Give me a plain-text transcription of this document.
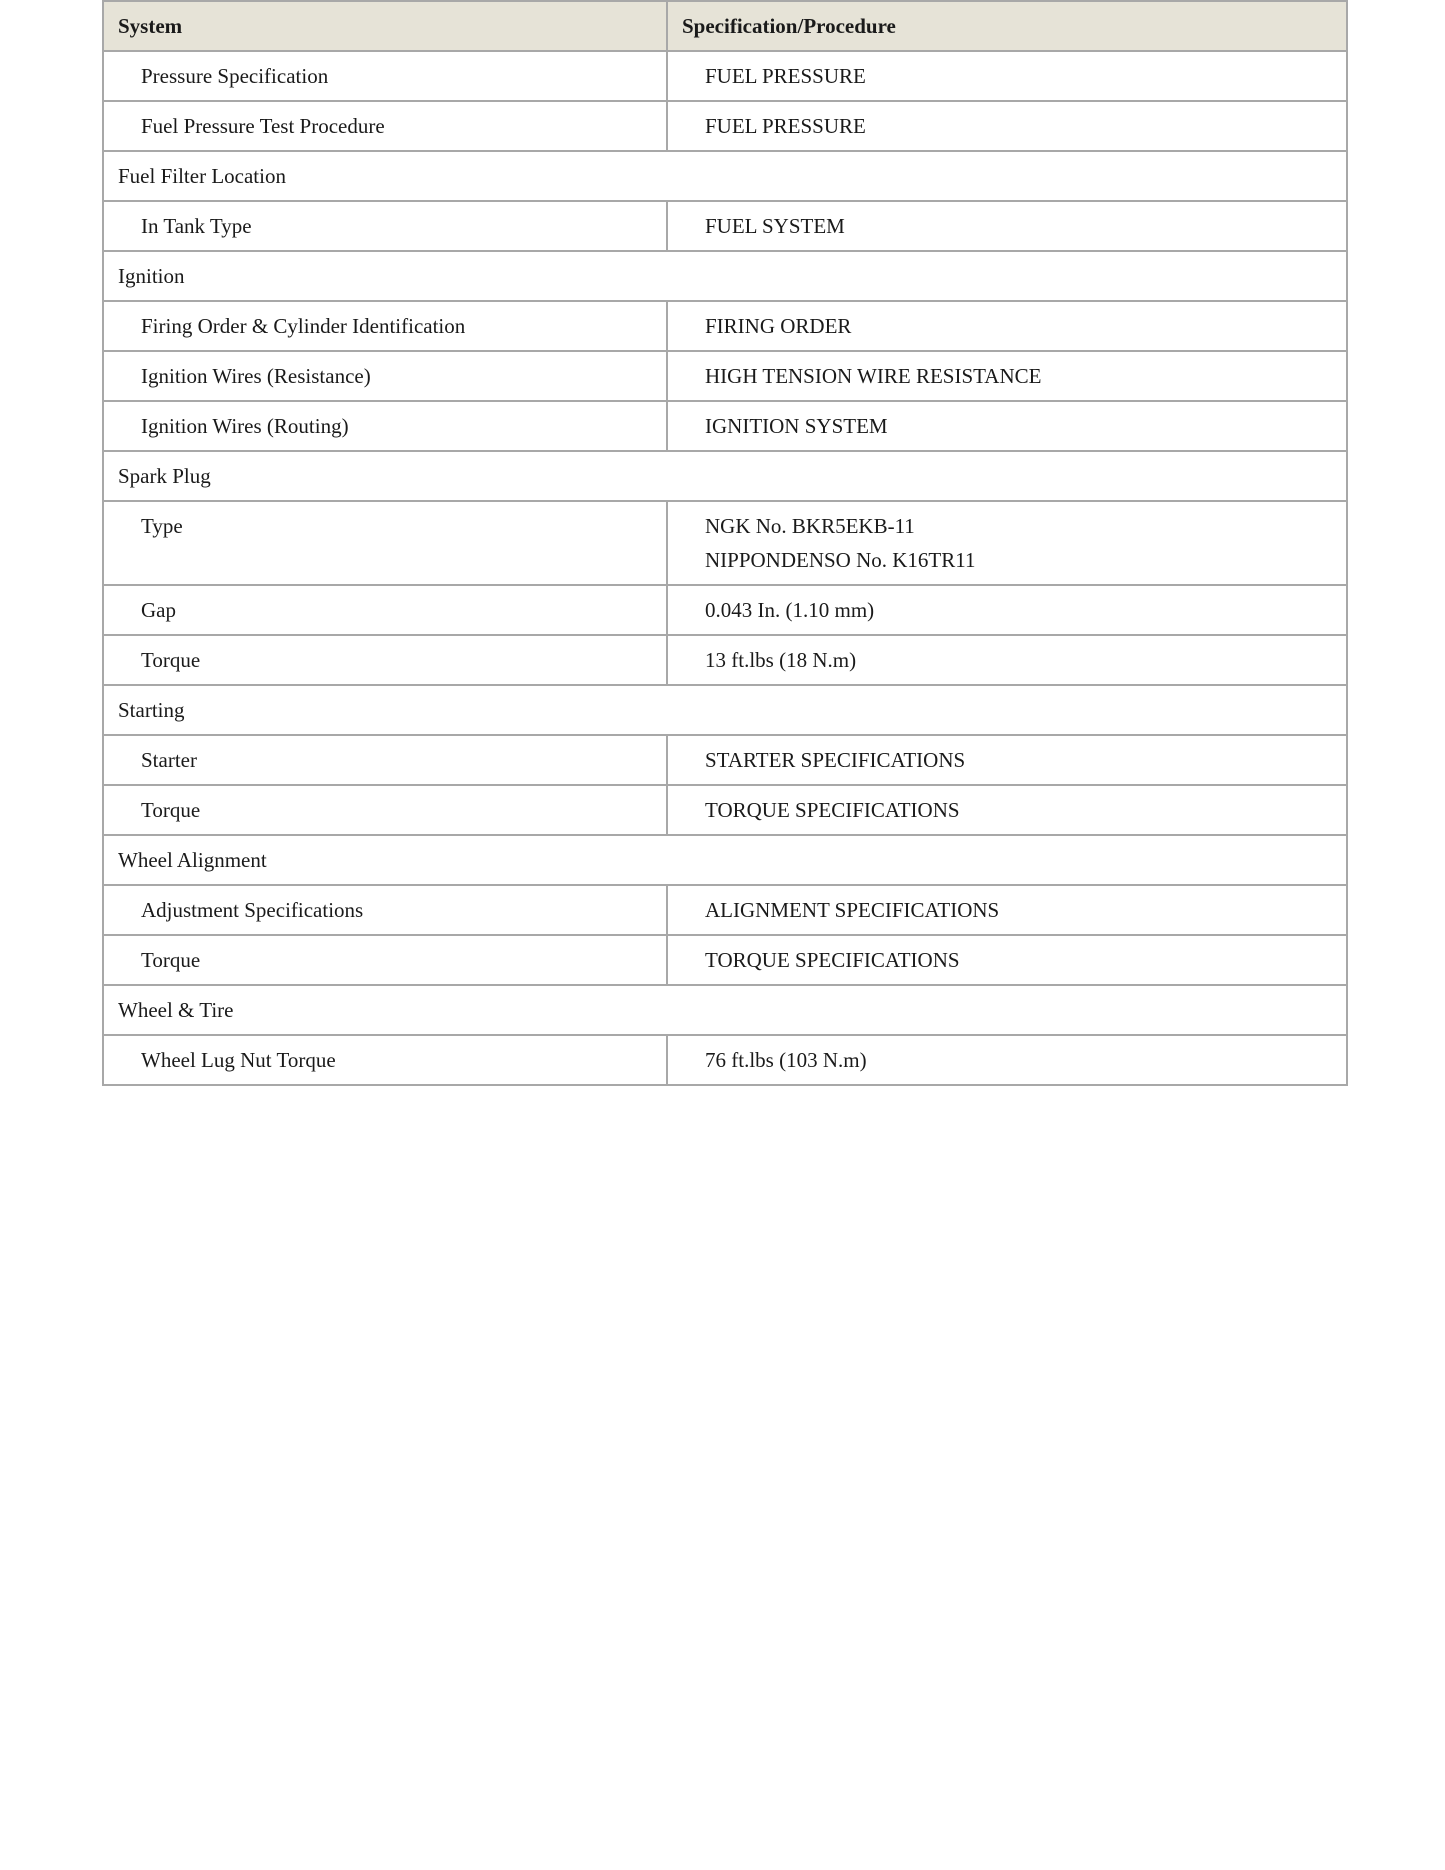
System	Specification/Procedure
Pressure Specification	FUEL PRESSURE

Fuel Pressure Test Procedure	FUEL PRESSURE

Fuel Filter Location	
In Tank Type	FUEL SYSTEM

Ignition	
Firing Order & Cylinder Identification	FIRING ORDER

Ignition Wires (Resistance)	HIGH TENSION WIRE RESISTANCE

Ignition Wires (Routing)	IGNITION SYSTEM

Spark Plug	
Type	NGK No. BKR5EKB-11
NIPPONDENSO No. K16TR11

Gap	0.043 In. (1.10 mm)

Torque	13 ft.lbs (18 N.m)

Starting	
Starter	STARTER SPECIFICATIONS

Torque	TORQUE SPECIFICATIONS

Wheel Alignment	
Adjustment Specifications	ALIGNMENT SPECIFICATIONS

Torque	TORQUE SPECIFICATIONS

Wheel & Tire	
Wheel Lug Nut Torque	76 ft.lbs (103 N.m)
